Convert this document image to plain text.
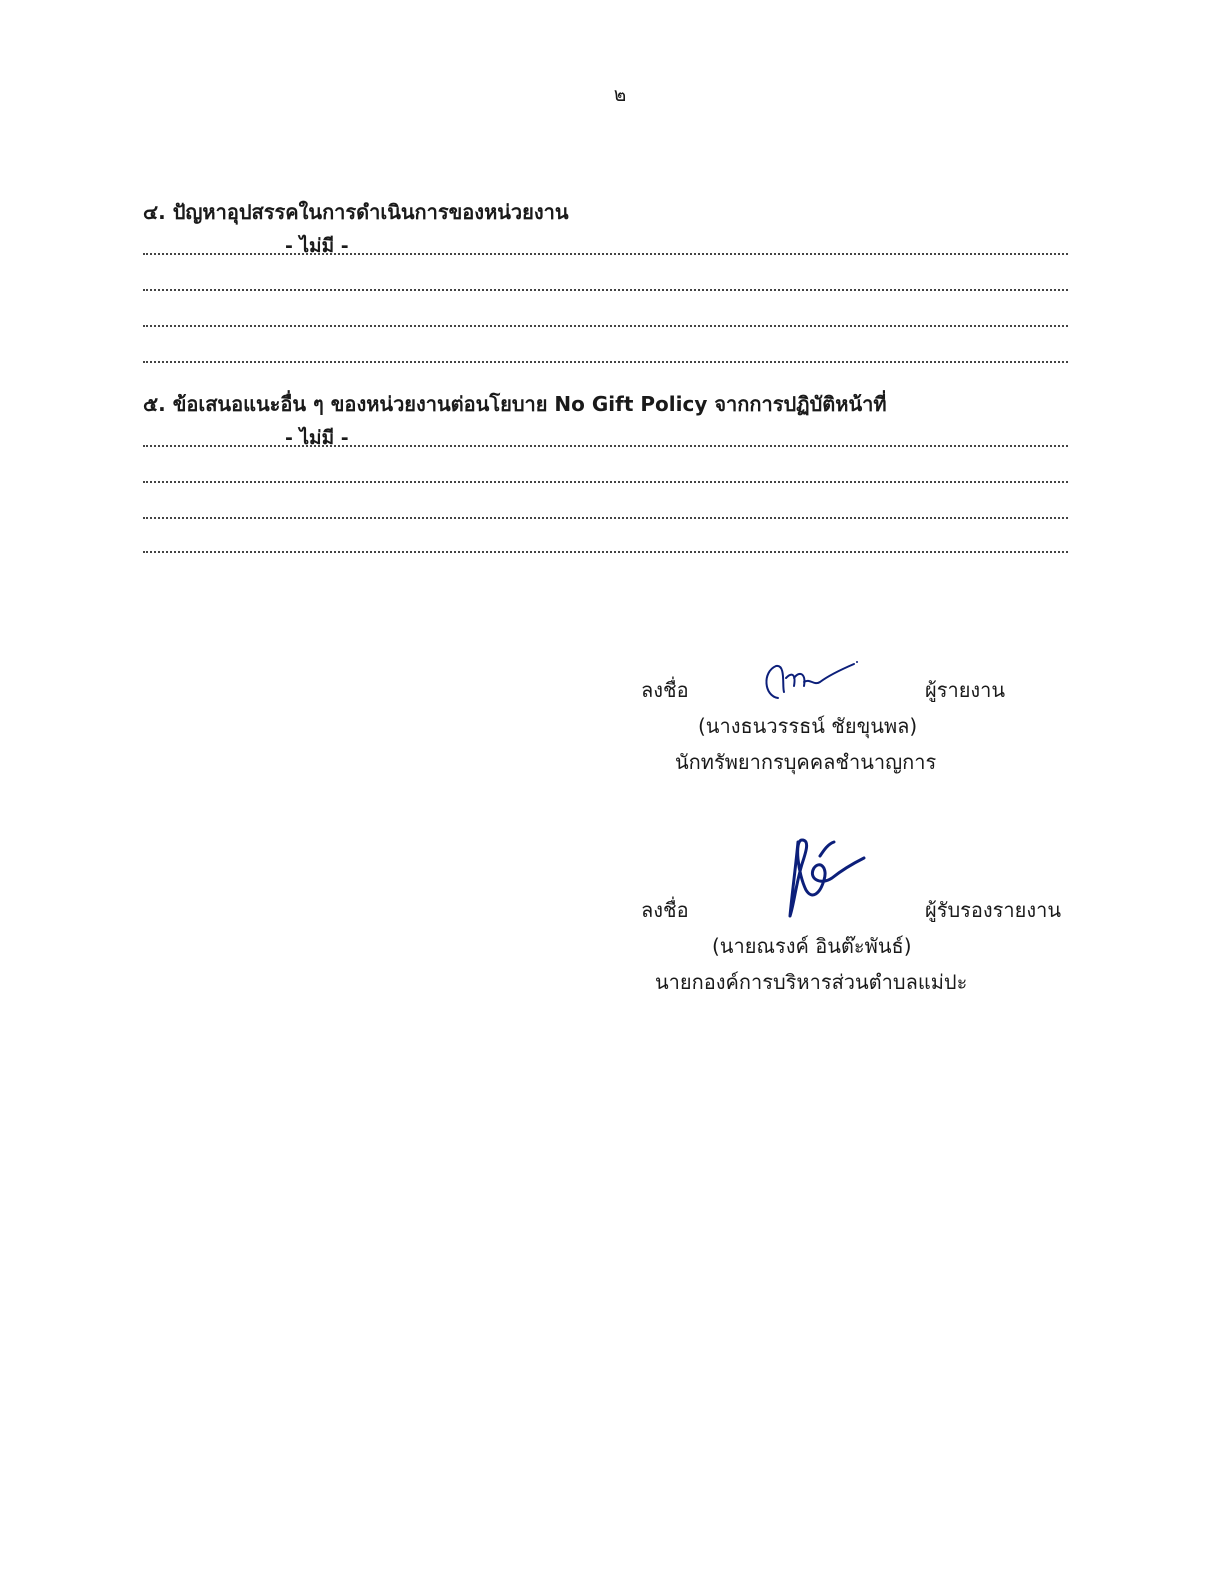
๒
๔. ปัญหาอุปสรรคในการดำเนินการของหน่วยงาน
- ไม่มี -
๕. ข้อเสนอแนะอื่น ๆ ของหน่วยงานต่อนโยบาย No Gift Policy จากการปฏิบัติหน้าที่
- ไม่มี -
ลงชื่อ	ผู้รายงาน
(นางธนวรรธน์ ชัยขุนพล)
นักทรัพยากรบุคคลชำนาญการ
ลงชื่อ	ผู้รับรองรายงาน
(นายณรงค์ อินต๊ะพันธ์)
นายกองค์การบริหารส่วนตำบลแม่ปะ
